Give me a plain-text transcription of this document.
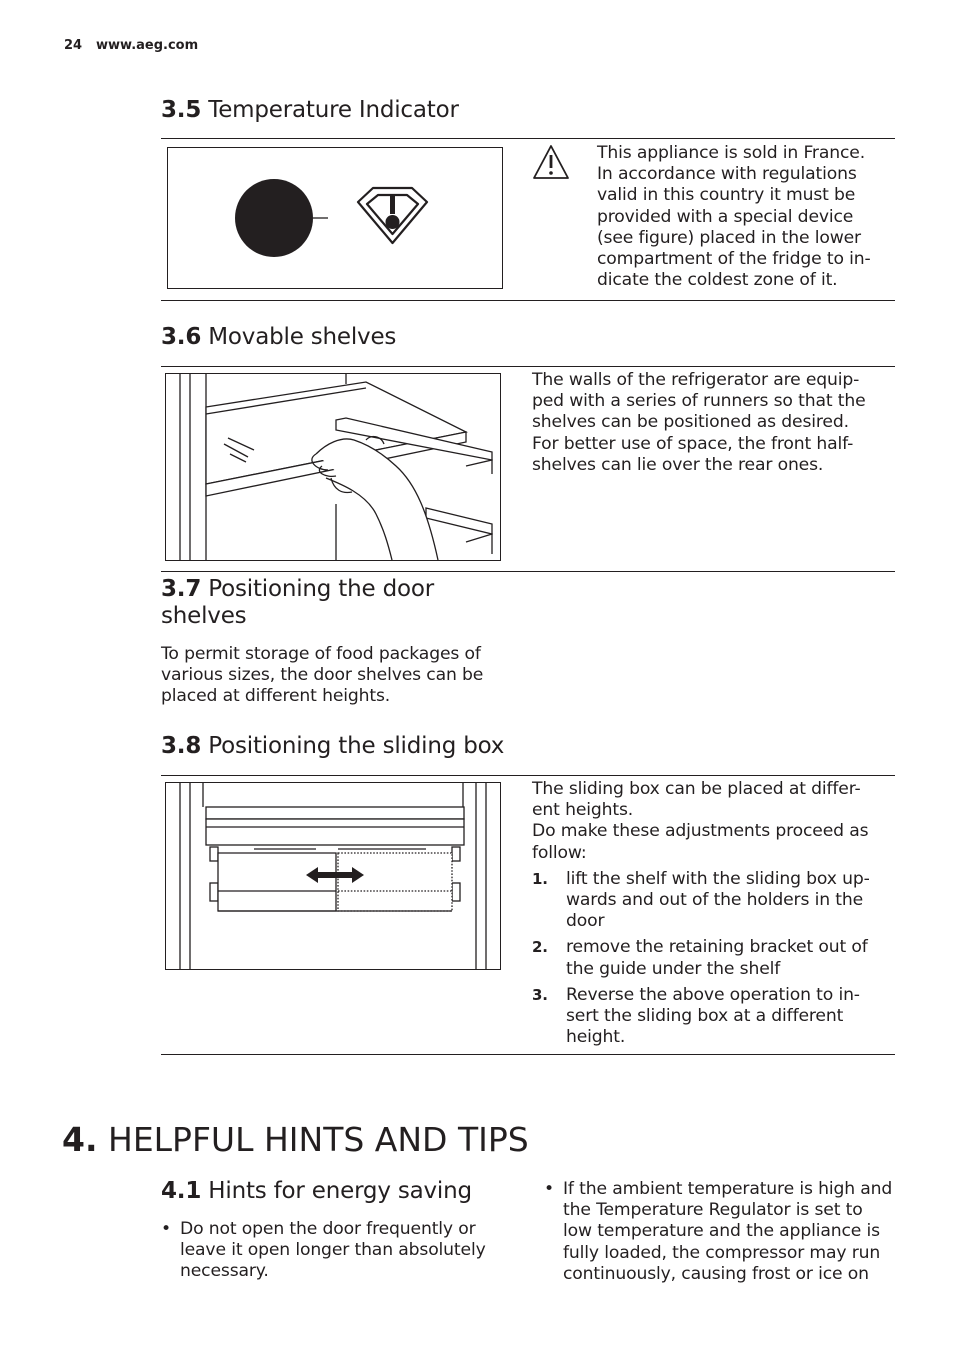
24 www.aeg.com
3.5 Temperature Indicator
This appliance is sold in France.
In accordance with regulations
valid in this country it must be
provided with a special device
(see figure) placed in the lower
compartment of the fridge to in-
dicate the coldest zone of it.
3.6 Movable shelves
The walls of the refrigerator are equip-
ped with a series of runners so that the
shelves can be positioned as desired.
For better use of space, the front half-
shelves can lie over the rear ones.
3.7 Positioning the door
shelves
To permit storage of food packages of
various sizes, the door shelves can be
placed at different heights.
3.8 Positioning the sliding box
The sliding box can be placed at differ-
ent heights.
Do make these adjustments proceed as
follow:
1. lift the shelf with the sliding box up-
wards and out of the holders in the
door
2. remove the retaining bracket out of
the guide under the shelf
3. Reverse the above operation to in-
sert the sliding box at a different
height.
4. HELPFUL HINTS AND TIPS
4.1 Hints for energy saving
• Do not open the door frequently or
leave it open longer than absolutely
necessary.
• If the ambient temperature is high and
the Temperature Regulator is set to
low temperature and the appliance is
fully loaded, the compressor may run
continuously, causing frost or ice on
